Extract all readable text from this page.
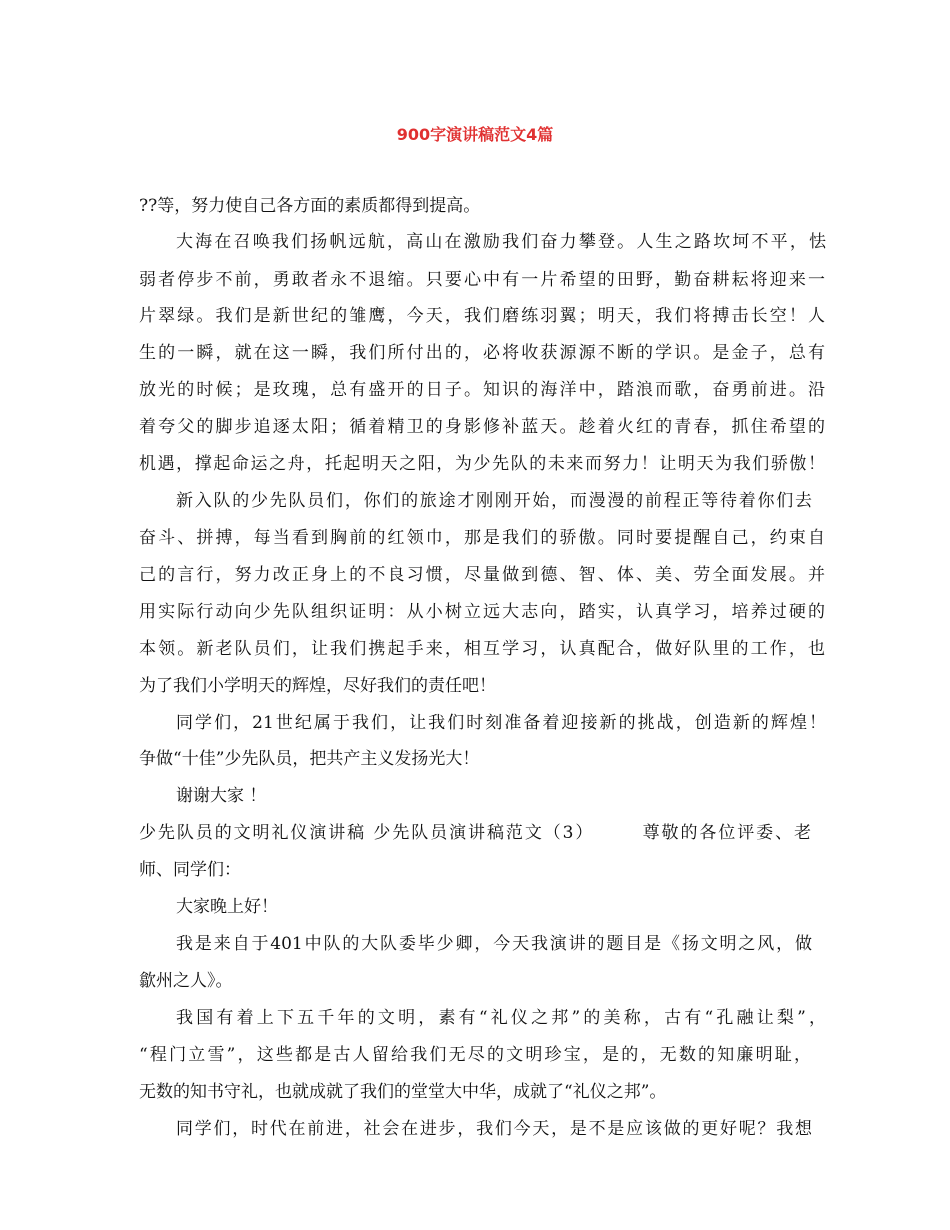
900字演讲稿范文4篇
??等，努力使自己各方面的素质都得到提高。
大海在召唤我们扬帆远航，高山在激励我们奋力攀登。人生之路坎坷不平，怯
弱者停步不前，勇敢者永不退缩。只要心中有一片希望的田野，勤奋耕耘将迎来一
片翠绿。我们是新世纪的雏鹰，今天，我们磨练羽翼；明天，我们将搏击长空！人
生的一瞬，就在这一瞬，我们所付出的，必将收获源源不断的学识。是金子，总有
放光的时候；是玫瑰，总有盛开的日子。知识的海洋中，踏浪而歌，奋勇前进。沿
着夸父的脚步追逐太阳；循着精卫的身影修补蓝天。趁着火红的青春，抓住希望的
机遇，撑起命运之舟，托起明天之阳，为少先队的未来而努力！让明天为我们骄傲！
新入队的少先队员们，你们的旅途才刚刚开始，而漫漫的前程正等待着你们去
奋斗、拼搏，每当看到胸前的红领巾，那是我们的骄傲。同时要提醒自己，约束自
己的言行，努力改正身上的不良习惯，尽量做到德、智、体、美、劳全面发展。并
用实际行动向少先队组织证明：从小树立远大志向，踏实，认真学习，培养过硬的
本领。新老队员们，让我们携起手来，相互学习，认真配合，做好队里的工作，也
为了我们小学明天的辉煌，尽好我们的责任吧！
同学们，21世纪属于我们，让我们时刻准备着迎接新的挑战，创造新的辉煌！
争做“十佳”少先队员，把共产主义发扬光大！
谢谢大家 ！
少先队员的文明礼仪演讲稿 少先队员演讲稿范文（3）　　　尊敬的各位评委、老
师、同学们：
大家晚上好！
我是来自于401中队的大队委毕少卿，今天我演讲的题目是《扬文明之风，做
歙州之人》。
我国有着上下五千年的文明，素有“礼仪之邦”的美称，古有“孔融让梨”，
“程门立雪”，这些都是古人留给我们无尽的文明珍宝，是的，无数的知廉明耻，
无数的知书守礼，也就成就了我们的堂堂大中华，成就了“礼仪之邦”。
同学们，时代在前进，社会在进步，我们今天，是不是应该做的更好呢？我想
